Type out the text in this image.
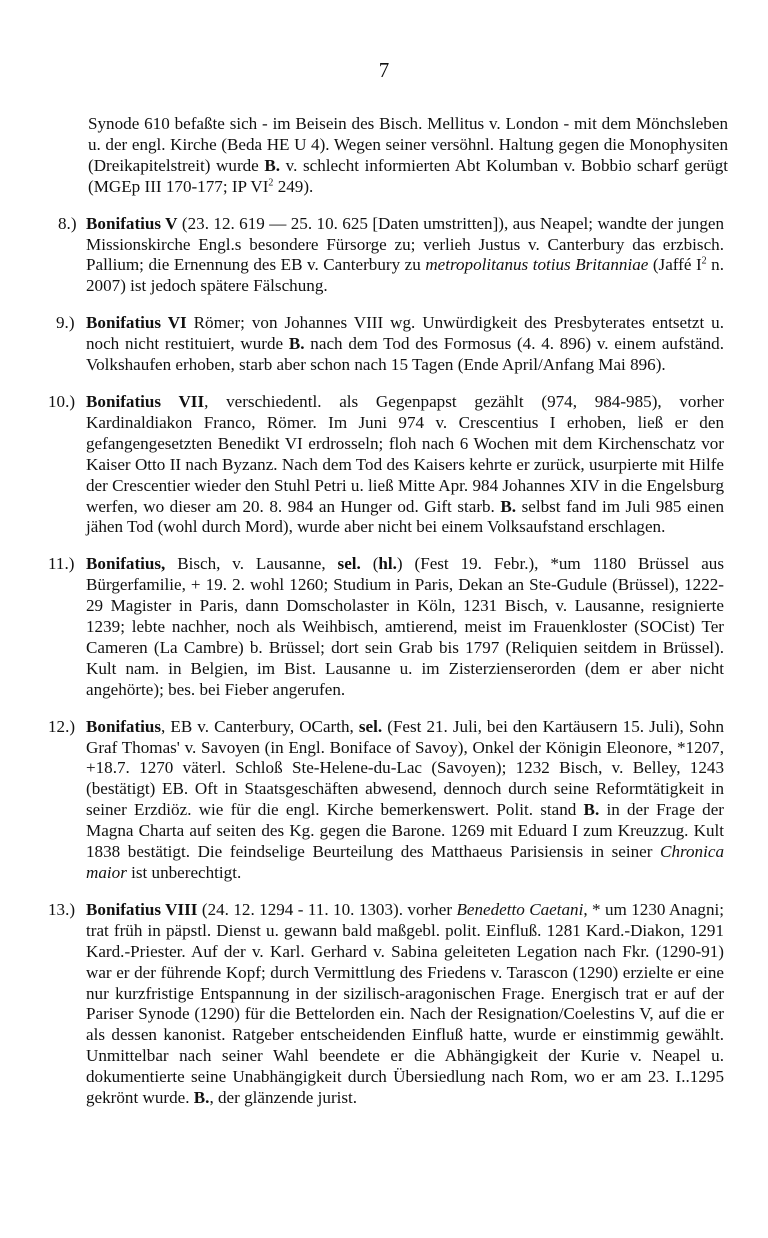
7
Synode 610 befaßte sich - im Beisein des Bisch. Mellitus v. London - mit dem Mönchsleben u. der engl. Kirche (Beda HE U 4). Wegen seiner versöhnl. Haltung gegen die Monophysiten (Dreikapitelstreit) wurde B. v. schlecht informierten Abt Kolumban v. Bobbio scharf gerügt (MGEp III 170-177; IP $VI^2$ 249).
8.) Bonifatius V (23. 12. 619 — 25. 10. 625 [Daten umstritten]), aus Neapel; wandte der jungen Missionskirche Engl.s besondere Fürsorge zu; verlieh Justus v. Canterbury das erzbisch. Pallium; die Ernennung des EB v. Canterbury zu metropolitanus totius Britanniae (Jaffé $I^2$ n. 2007) ist jedoch spätere Fälschung.
9.) Bonifatius VI Römer; von Johannes VIII wg. Unwürdigkeit des Presbyterates entsetzt u. noch nicht restituiert, wurde B. nach dem Tod des Formosus (4. 4. 896) v. einem aufständ. Volkshaufen erhoben, starb aber schon nach 15 Tagen (Ende April/Anfang Mai 896).
10.) Bonifatius VII, verschiedentl. als Gegenpapst gezählt (974, 984-985), vorher Kardinaldiakon Franco, Römer. Im Juni 974 v. Crescentius I erhoben, ließ er den gefangengesetzten Benedikt VI erdrosseln; floh nach 6 Wochen mit dem Kirchenschatz vor Kaiser Otto II nach Byzanz. Nach dem Tod des Kaisers kehrte er zurück, usurpierte mit Hilfe der Crescentier wieder den Stuhl Petri u. ließ Mitte Apr. 984 Johannes XIV in die Engelsburg werfen, wo dieser am 20. 8. 984 an Hunger od. Gift starb. B. selbst fand im Juli 985 einen jähen Tod (wohl durch Mord), wurde aber nicht bei einem Volksaufstand erschlagen.
11.) Bonifatius, Bisch, v. Lausanne, sel. (hl.) (Fest 19. Febr.), *um 1180 Brüssel aus Bürgerfamilie, + 19. 2. wohl 1260; Studium in Paris, Dekan an Ste-Gudule (Brüssel), 1222-29 Magister in Paris, dann Domscholaster in Köln, 1231 Bisch, v. Lausanne, resignierte 1239; lebte nachher, noch als Weihbisch, amtierend, meist im Frauenkloster (SOCist) Ter Cameren (La Cambre) b. Brüssel; dort sein Grab bis 1797 (Reliquien seitdem in Brüssel). Kult nam. in Belgien, im Bist. Lausanne u. im Zisterzienserorden (dem er aber nicht angehörte); bes. bei Fieber angerufen.
12.) Bonifatius, EB v. Canterbury, OCarth, sel. (Fest 21. Juli, bei den Kartäusern 15. Juli), Sohn Graf Thomas' v. Savoyen (in Engl. Boniface of Savoy), Onkel der Königin Eleonore, *1207, +18.7. 1270 väterl. Schloß Ste-Helene-du-Lac (Savoyen); 1232 Bisch, v. Belley, 1243 (bestätigt) EB. Oft in Staatsgeschäften abwesend, dennoch durch seine Reformtätigkeit in seiner Erzdiöz. wie für die engl. Kirche bemerkenswert. Polit. stand B. in der Frage der Magna Charta auf seiten des Kg. gegen die Barone. 1269 mit Eduard I zum Kreuzzug. Kult 1838 bestätigt. Die feindselige Beurteilung des Matthaeus Parisiensis in seiner Chronica maior ist unberechtigt.
13.) Bonifatius VIII (24. 12. 1294 - 11. 10. 1303). vorher Benedetto Caetani, * um 1230 Anagni; trat früh in päpstl. Dienst u. gewann bald maßgebl. polit. Einfluß. 1281 Kard.-Diakon, 1291 Kard.-Priester. Auf der v. Karl. Gerhard v. Sabina geleiteten Legation nach Fkr. (1290-91) war er der führende Kopf; durch Vermittlung des Friedens v. Tarascon (1290) erzielte er eine nur kurzfristige Entspannung in der sizilisch-aragonischen Frage. Energisch trat er auf der Pariser Synode (1290) für die Bettelorden ein. Nach der Resignation/Coelestins V, auf die er als dessen kanonist. Ratgeber entscheidenden Einfluß hatte, wurde er einstimmig gewählt. Unmittelbar nach seiner Wahl beendete er die Abhängigkeit der Kurie v. Neapel u. dokumentierte seine Unabhängigkeit durch Übersiedlung nach Rom, wo er am 23. I..1295 gekrönt wurde. B., der glänzende jurist.
